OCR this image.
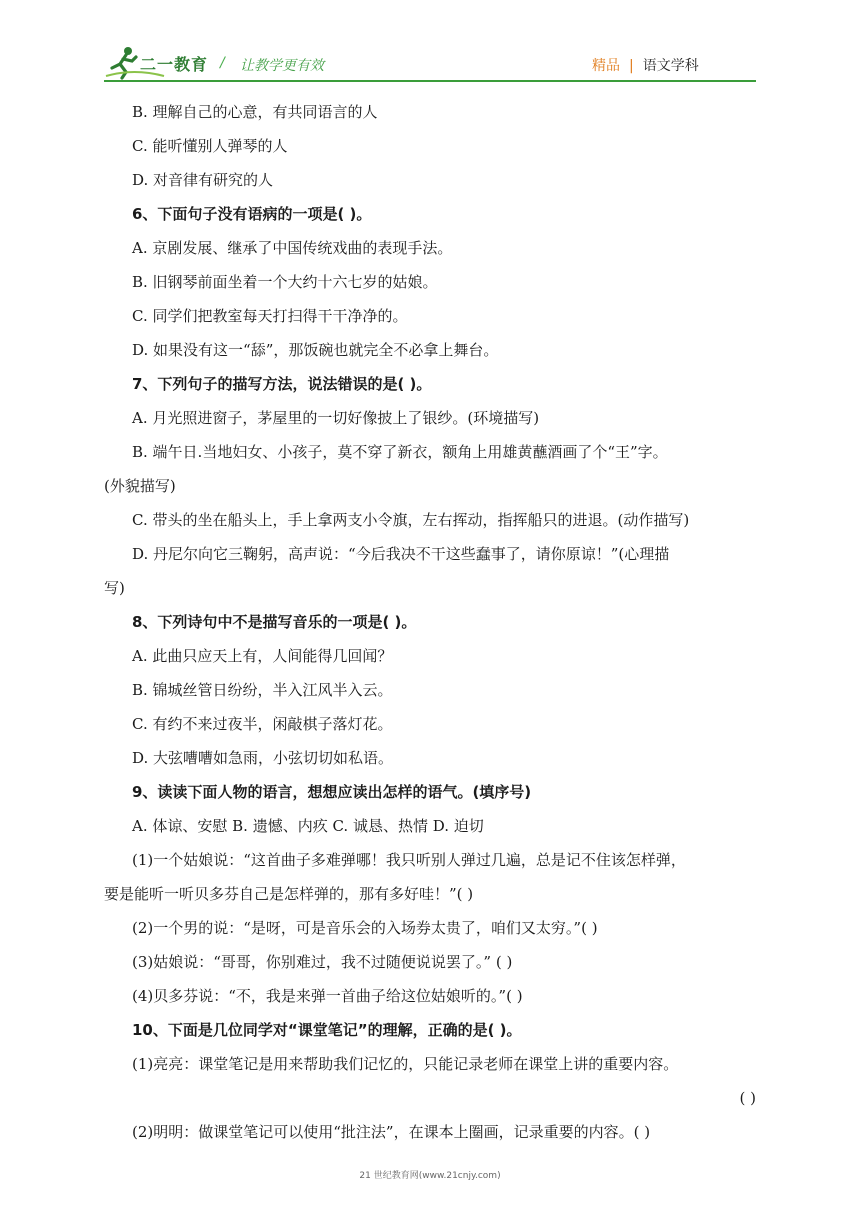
二一教育 / 让教学更有效	精品 | 语文学科
B. 理解自己的心意，有共同语言的人
C. 能听懂别人弹琴的人
D. 对音律有研究的人
6、下面句子没有语病的一项是( )。
A. 京剧发展、继承了中国传统戏曲的表现手法。
B. 旧钢琴前面坐着一个大约十六七岁的姑娘。
C. 同学们把教室每天打扫得干干净净的。
D. 如果没有这一“舔”，那饭碗也就完全不必拿上舞台。
7、下列句子的描写方法，说法错误的是( )。
A. 月光照进窗子，茅屋里的一切好像披上了银纱。(环境描写)
B. 端午日.当地妇女、小孩子，莫不穿了新衣，额角上用雄黄蘸酒画了个“王”字。
(外貌描写)
C. 带头的坐在船头上，手上拿两支小令旗，左右挥动，指挥船只的进退。(动作描写)
D. 丹尼尔向它三鞠躬，高声说：“今后我决不干这些蠢事了，请你原谅！”(心理描
写)
8、下列诗句中不是描写音乐的一项是( )。
A. 此曲只应天上有，人间能得几回闻？
B. 锦城丝管日纷纷，半入江风半入云。
C. 有约不来过夜半，闲敲棋子落灯花。
D. 大弦嘈嘈如急雨，小弦切切如私语。
9、读读下面人物的语言，想想应读出怎样的语气。(填序号)
A. 体谅、安慰 B. 遗憾、内疚 C. 诚恳、热情 D. 迫切
(1)一个姑娘说：“这首曲子多难弹哪！我只听别人弹过几遍，总是记不住该怎样弹，
要是能听一听贝多芬自己是怎样弹的，那有多好哇！”( )
(2)一个男的说：“是呀，可是音乐会的入场券太贵了，咱们又太穷。”( )
(3)姑娘说：“哥哥，你别难过，我不过随便说说罢了。” ( )
(4)贝多芬说：“不，我是来弹一首曲子给这位姑娘听的。”( )
10、下面是几位同学对“课堂笔记”的理解，正确的是( )。
(1)亮亮：课堂笔记是用来帮助我们记忆的，只能记录老师在课堂上讲的重要内容。
( )
(2)明明：做课堂笔记可以使用“批注法”，在课本上圈画，记录重要的内容。( )
21 世纪教育网(www.21cnjy.com)
